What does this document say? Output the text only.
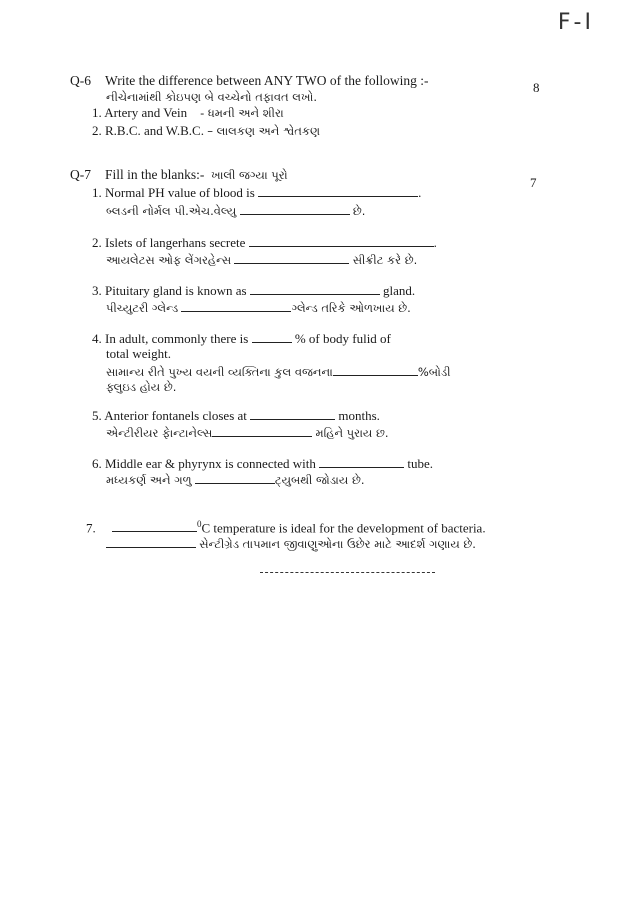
F-I
Q-6 Write the difference between ANY TWO of the following :-	8
નીચેનામાંથી કોઇપણ બે વચ્ચેનો તફાવત લખો.
1. Artery and Vein - ધમની અને શીરા
2. R.B.C. and W.B.C. – લાલકણ અને શ્વેતકણ
Q-7 Fill in the blanks:- ખાલી જગ્યા પૂરો	7
1. Normal PH value of blood is	.
બ્લડની નોર્મલ પી.એચ.વેલ્યુ	છે.
2. Islets of langerhans secrete	.
આયલેટસ ઓફ લેંગરહેન્સ	સીક્રીટ કરે છે.
3. Pituitary gland is known as	gland.
પીચ્યુટરી ગ્લેન્ડ	ગ્લેન્ડ તરિકે ઓળખાય છે.
4. In adult, commonly there is	% of body fulid of
total weight.
સામાન્ય રીતે પુખ્ય વયની વ્યક્તિના કુલ વજનના	%બોડી
ફ્લુઇડ હોય છે.
5. Anterior fontanels closes at	months.
એન્ટીરીયર ફેાન્ટાનેલ્સ	મહિને પુરાય છ.
6. Middle ear & phyrynx is connected with	tube.
મધ્યકર્ણ અને ગળુ	ટ્યુબથી જોડાય છે.
7.	$^0$C temperature is ideal for the development of bacteria.
સેન્ટીગ્રેડ તાપમાન જીવાણુઓના ઉછેર માટે આદર્શ ગણાય છે.
